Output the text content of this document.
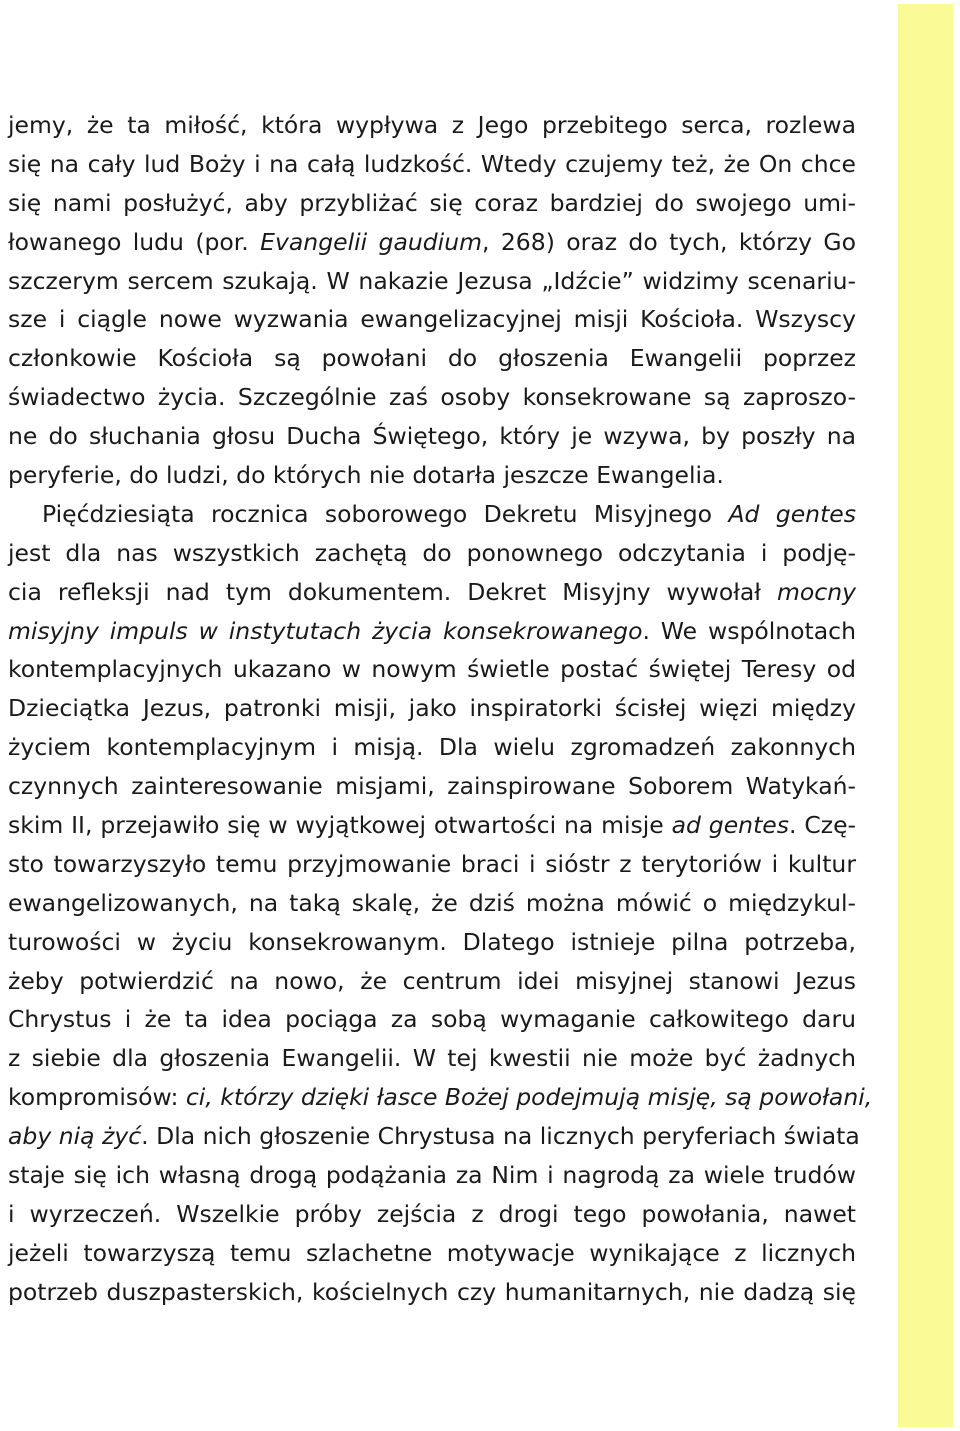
jemy, że ta miłość, która wypływa z Jego przebitego serca, rozlewa
się na cały lud Boży i na całą ludzkość. Wtedy czujemy też, że On chce
się nami posłużyć, aby przybliżać się coraz bardziej do swojego umi-
łowanego ludu (por. Evangelii gaudium, 268) oraz do tych, którzy Go
szczerym sercem szukają. W nakazie Jezusa „Idźcie” widzimy scenariu-
sze i ciągle nowe wyzwania ewangelizacyjnej misji Kościoła. Wszyscy
członkowie Kościoła są powołani do głoszenia Ewangelii poprzez
świadectwo życia. Szczególnie zaś osoby konsekrowane są zaproszo-
ne do słuchania głosu Ducha Świętego, który je wzywa, by poszły na
peryferie, do ludzi, do których nie dotarła jeszcze Ewangelia.
Pięćdziesiąta rocznica soborowego Dekretu Misyjnego Ad gentes
jest dla nas wszystkich zachętą do ponownego odczytania i podję-
cia refleksji nad tym dokumentem. Dekret Misyjny wywołał mocny
misyjny impuls w instytutach życia konsekrowanego. We wspólnotach
kontemplacyjnych ukazano w nowym świetle postać świętej Teresy od
Dzieciątka Jezus, patronki misji, jako inspiratorki ścisłej więzi między
życiem kontemplacyjnym i misją. Dla wielu zgromadzeń zakonnych
czynnych zainteresowanie misjami, zainspirowane Soborem Watykań-
skim II, przejawiło się w wyjątkowej otwartości na misje ad gentes. Czę-
sto towarzyszyło temu przyjmowanie braci i sióstr z terytoriów i kultur
ewangelizowanych, na taką skalę, że dziś można mówić o międzykul-
turowości w życiu konsekrowanym. Dlatego istnieje pilna potrzeba,
żeby potwierdzić na nowo, że centrum idei misyjnej stanowi Jezus
Chrystus i że ta idea pociąga za sobą wymaganie całkowitego daru
z siebie dla głoszenia Ewangelii. W tej kwestii nie może być żadnych
kompromisów: ci, którzy dzięki łasce Bożej podejmują misję, są powołani,
aby nią żyć. Dla nich głoszenie Chrystusa na licznych peryferiach świata
staje się ich własną drogą podążania za Nim i nagrodą za wiele trudów
i wyrzeczeń. Wszelkie próby zejścia z drogi tego powołania, nawet
jeżeli towarzyszą temu szlachetne motywacje wynikające z licznych
potrzeb duszpasterskich, kościelnych czy humanitarnych, nie dadzą się
